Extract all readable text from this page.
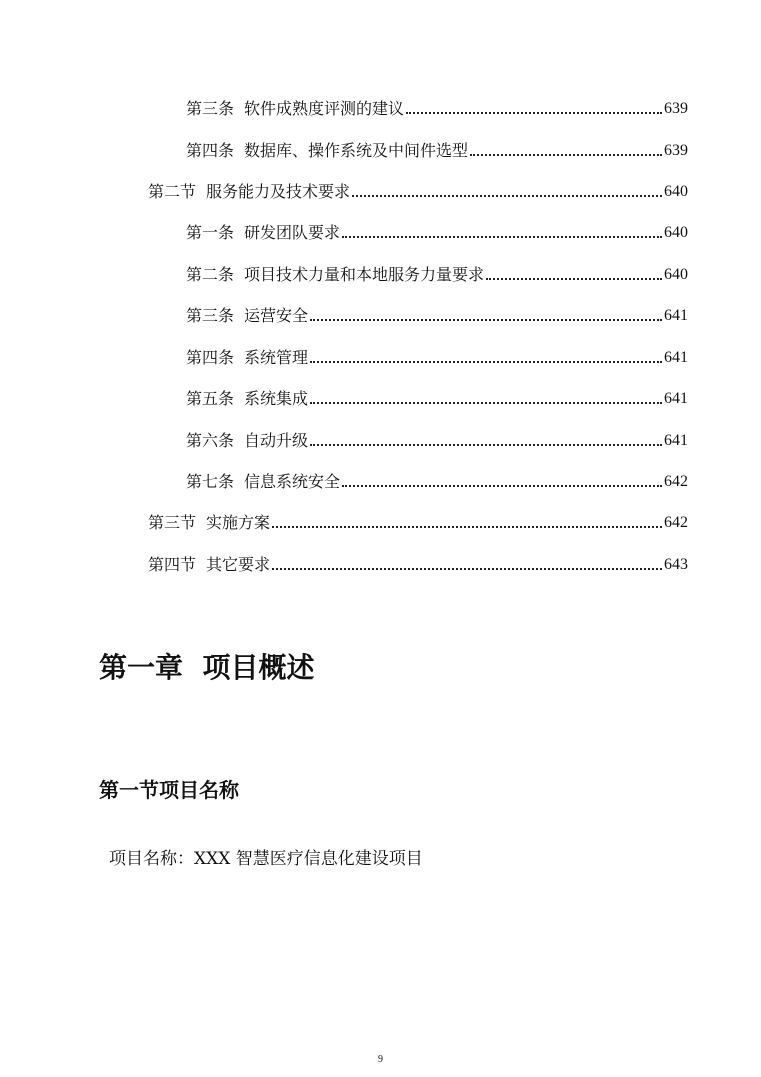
第三条 软件成熟度评测的建议	639
第四条 数据库、操作系统及中间件选型	639
第二节 服务能力及技术要求	640
第一条 研发团队要求	640
第二条 项目技术力量和本地服务力量要求	640
第三条 运营安全	641
第四条 系统管理	641
第五条 系统集成	641
第六条 自动升级	641
第七条 信息系统安全	642
第三节 实施方案	642
第四节 其它要求	643
第一章  项目概述
第一节项目名称

项目名称：XXX 智慧医疗信息化建设项目

9
